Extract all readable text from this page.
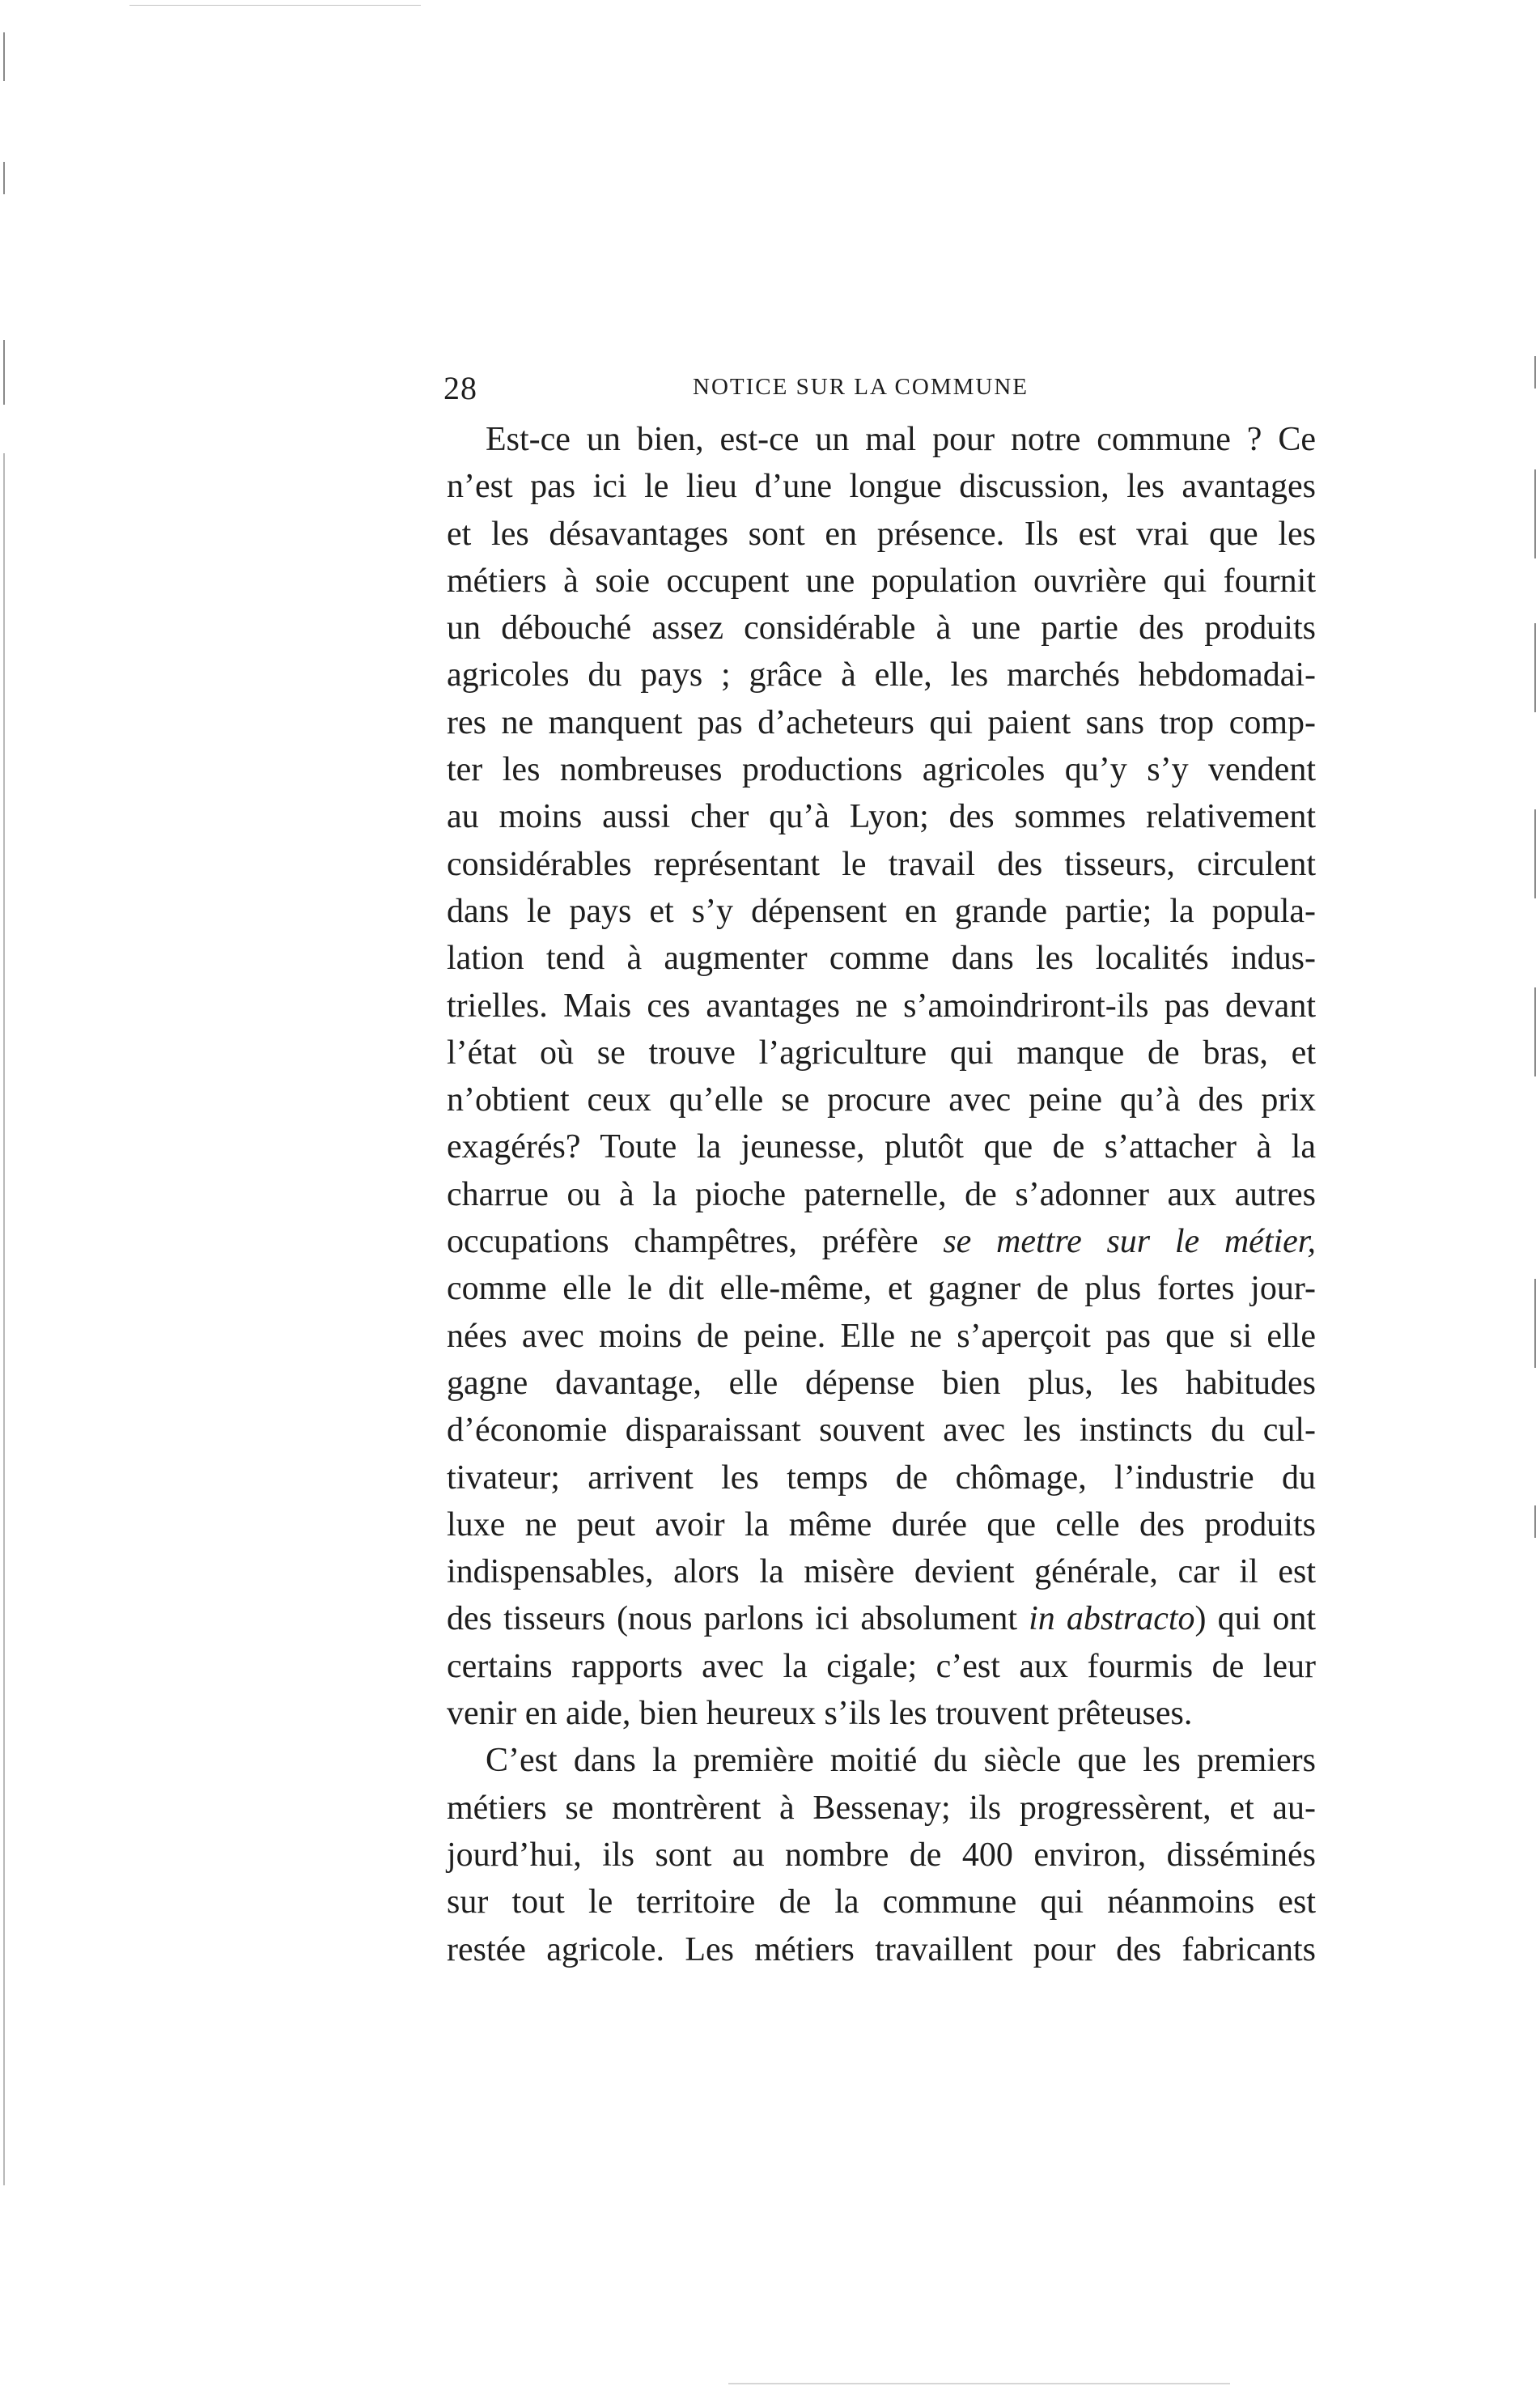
28	NOTICE SUR LA COMMUNE
Est-ce un bien, est-ce un mal pour notre commune ? Ce
n’est pas ici le lieu d’une longue discussion, les avantages
et les désavantages sont en présence. Ils est vrai que les
métiers à soie occupent une population ouvrière qui fournit
un débouché assez considérable à une partie des produits
agricoles du pays ; grâce à elle, les marchés hebdomadai-
res ne manquent pas d’acheteurs qui paient sans trop comp-
ter les nombreuses productions agricoles qu’y s’y vendent
au moins aussi cher qu’à Lyon; des sommes relativement
considérables représentant le travail des tisseurs, circulent
dans le pays et s’y dépensent en grande partie; la popula-
lation tend à augmenter comme dans les localités indus-
trielles. Mais ces avantages ne s’amoindriront-ils pas devant
l’état où se trouve l’agriculture qui manque de bras, et
n’obtient ceux qu’elle se procure avec peine qu’à des prix
exagérés? Toute la jeunesse, plutôt que de s’attacher à la
charrue ou à la pioche paternelle, de s’adonner aux autres
occupations champêtres, préfère se mettre sur le métier,
comme elle le dit elle-même, et gagner de plus fortes jour-
nées avec moins de peine. Elle ne s’aperçoit pas que si elle
gagne davantage, elle dépense bien plus, les habitudes
d’économie disparaissant souvent avec les instincts du cul-
tivateur; arrivent les temps de chômage, l’industrie du
luxe ne peut avoir la même durée que celle des produits
indispensables, alors la misère devient générale, car il est
des tisseurs (nous parlons ici absolument in abstracto) qui ont
certains rapports avec la cigale; c’est aux fourmis de leur
venir en aide, bien heureux s’ils les trouvent prêteuses.
C’est dans la première moitié du siècle que les premiers
métiers se montrèrent à Bessenay; ils progressèrent, et au-
jourd’hui, ils sont au nombre de 400 environ, disséminés
sur tout le territoire de la commune qui néanmoins est
restée agricole. Les métiers travaillent pour des fabricants
